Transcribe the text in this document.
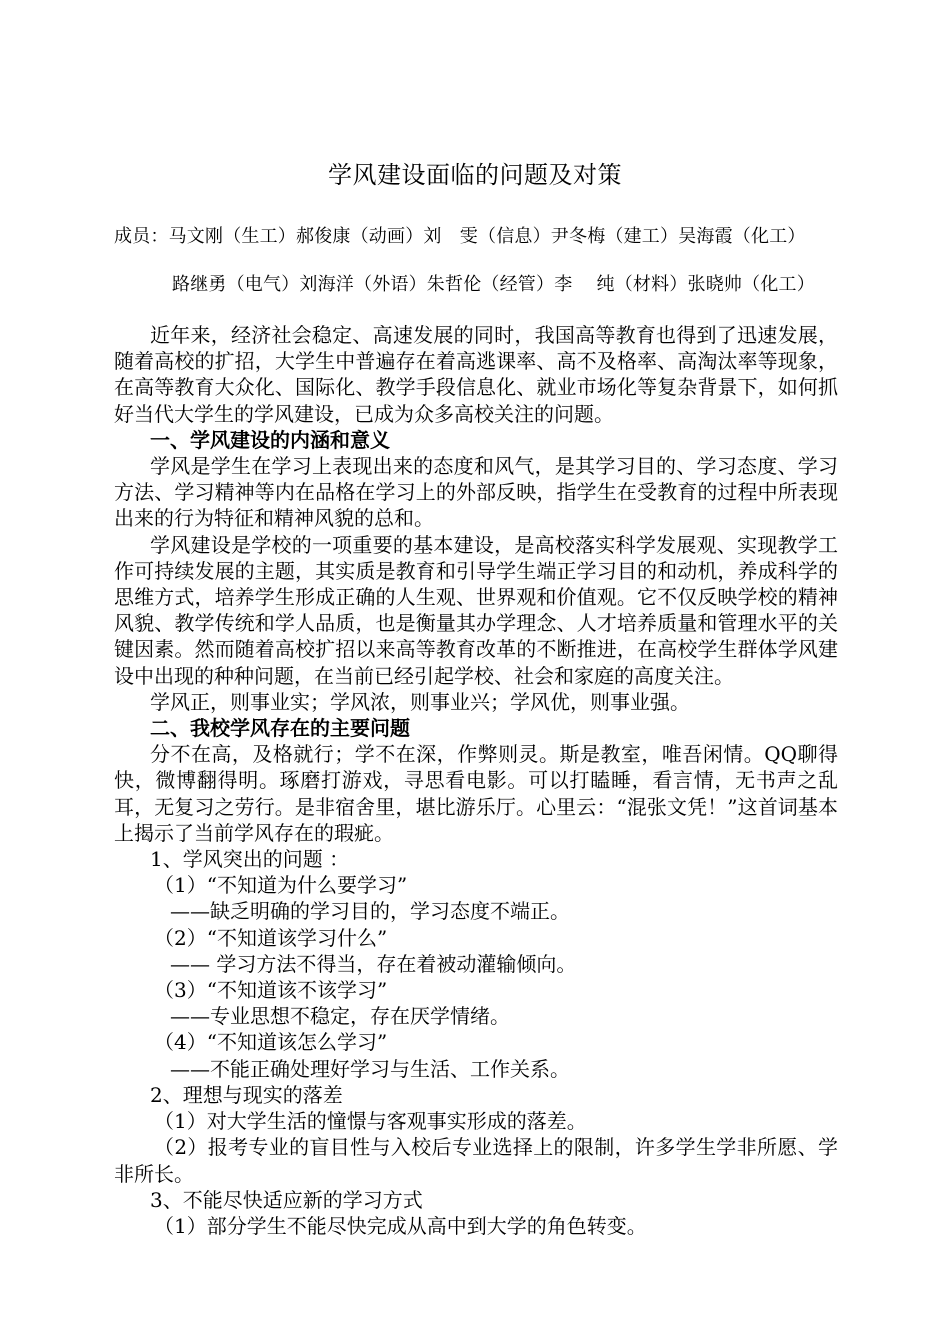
学风建设面临的问题及对策
成员：马文刚（生工）郝俊康（动画）刘　雯（信息）尹冬梅（建工）吴海霞（化工）
路继勇（电气）刘海洋（外语）朱哲伦（经管）李　 纯（材料）张晓帅（化工）

近年来，经济社会稳定、高速发展的同时，我国高等教育也得到了迅速发展，随着高校的扩招，大学生中普遍存在着高逃课率、高不及格率、高淘汰率等现象，在高等教育大众化、国际化、教学手段信息化、就业市场化等复杂背景下，如何抓好当代大学生的学风建设，已成为众多高校关注的问题。

一、学风建设的内涵和意义

学风是学生在学习上表现出来的态度和风气，是其学习目的、学习态度、学习方法、学习精神等内在品格在学习上的外部反映，指学生在受教育的过程中所表现出来的行为特征和精神风貌的总和。

学风建设是学校的一项重要的基本建设，是高校落实科学发展观、实现教学工作可持续发展的主题，其实质是教育和引导学生端正学习目的和动机，养成科学的思维方式，培养学生形成正确的人生观、世界观和价值观。它不仅反映学校的精神风貌、教学传统和学人品质，也是衡量其办学理念、人才培养质量和管理水平的关键因素。然而随着高校扩招以来高等教育改革的不断推进，在高校学生群体学风建设中出现的种种问题，在当前已经引起学校、社会和家庭的高度关注。

学风正，则事业实；学风浓，则事业兴；学风优，则事业强。

二、我校学风存在的主要问题

分不在高，及格就行；学不在深，作弊则灵。斯是教室，唯吾闲情。QQ聊得快，微博翻得明。琢磨打游戏，寻思看电影。可以打瞌睡，看言情，无书声之乱耳，无复习之劳行。是非宿舍里，堪比游乐厅。心里云：“混张文凭！”这首词基本上揭示了当前学风存在的瑕疵。

1、学风突出的问题 ：

（1）“不知道为什么要学习”

——缺乏明确的学习目的，学习态度不端正。

（2）“不知道该学习什么”

—— 学习方法不得当，存在着被动灌输倾向。

（3）“不知道该不该学习”

——专业思想不稳定，存在厌学情绪。

（4）“不知道该怎么学习”

——不能正确处理好学习与生活、工作关系。

2、理想与现实的落差

（1）对大学生活的憧憬与客观事实形成的落差。

（2）报考专业的盲目性与入校后专业选择上的限制，许多学生学非所愿、学非所长。

3、不能尽快适应新的学习方式

（1）部分学生不能尽快完成从高中到大学的角色转变。
